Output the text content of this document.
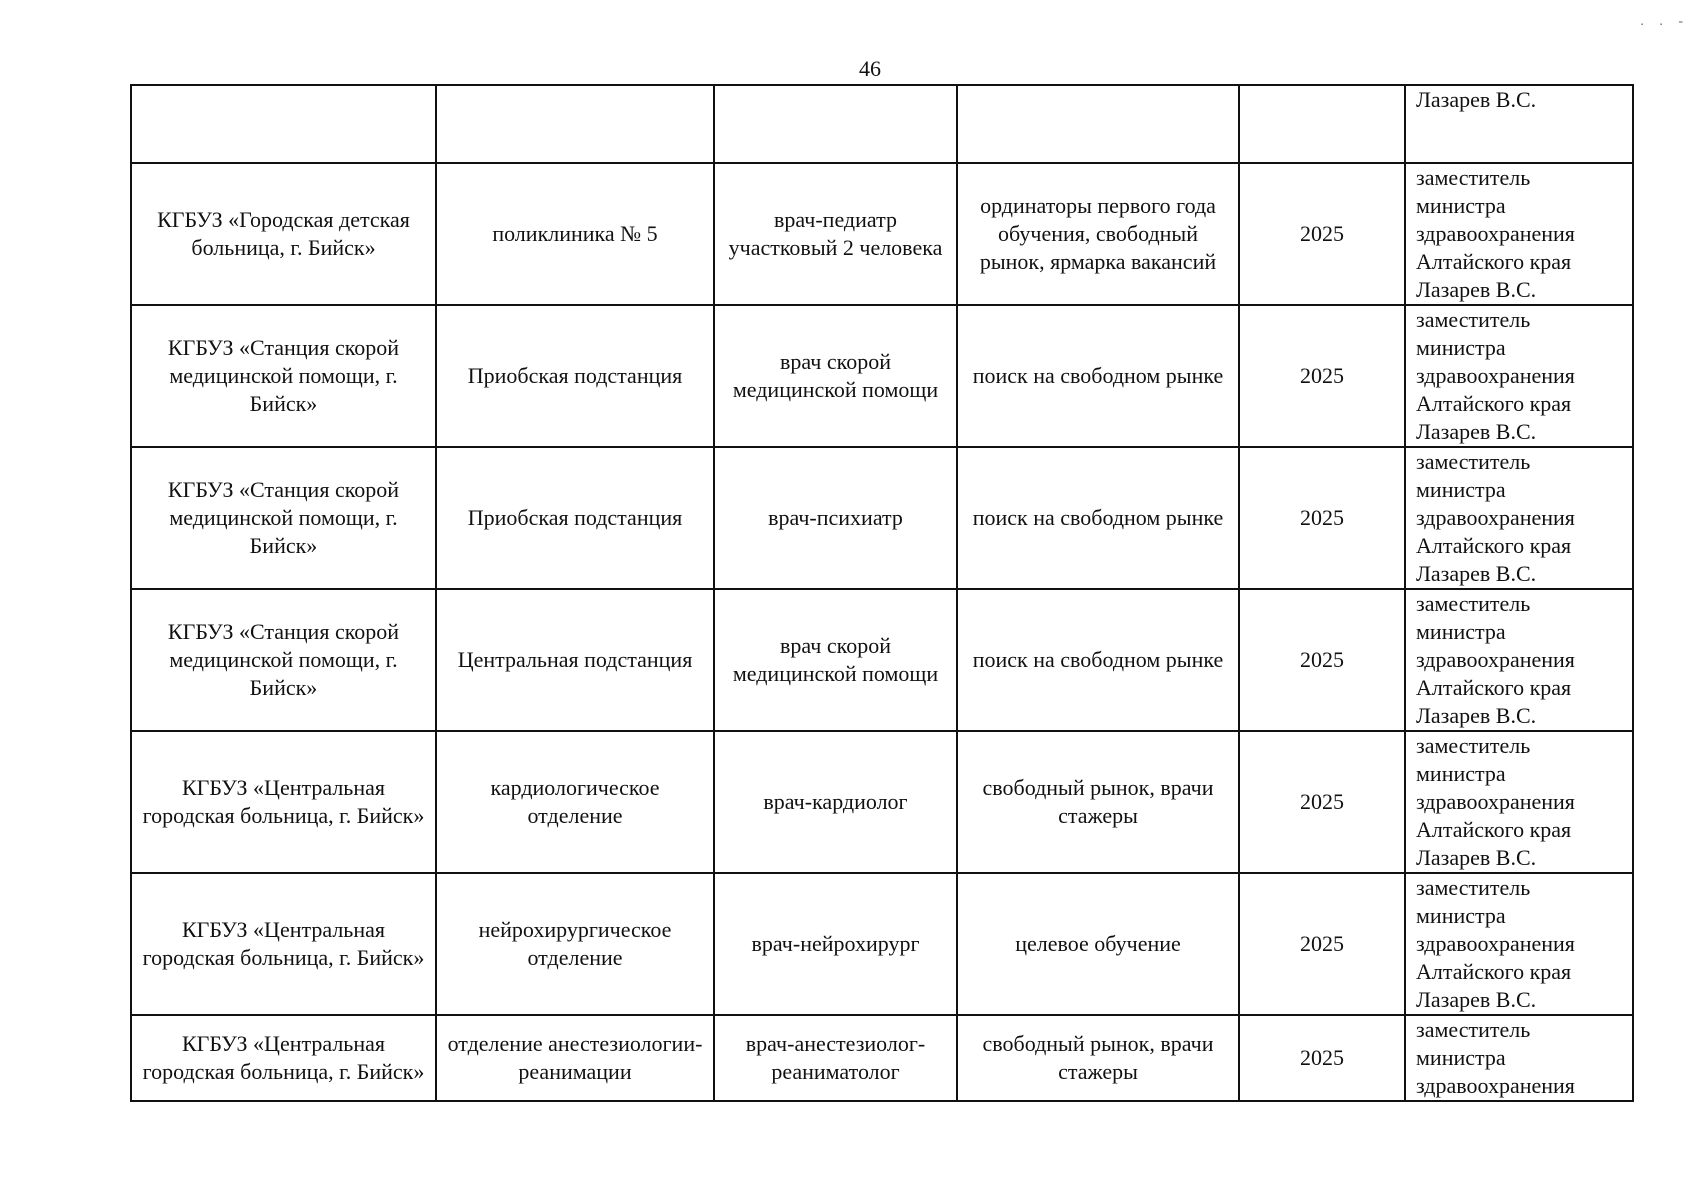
46
. . -
					Лазарев В.С.
КГБУЗ «Городская детская больница, г. Бийск»	поликлиника № 5	врач-педиатр участковый 2 человека	ординаторы первого года обучения, свободный рынок, ярмарка вакансий	2025	заместитель
министра
здравоохранения
Алтайского края
Лазарев В.С.
КГБУЗ «Станция скорой медицинской помощи, г. Бийск»	Приобская подстанция	врач скорой медицинской помощи	поиск на свободном рынке	2025	заместитель
министра
здравоохранения
Алтайского края
Лазарев В.С.
КГБУЗ «Станция скорой медицинской помощи, г. Бийск»	Приобская подстанция	врач-психиатр	поиск на свободном рынке	2025	заместитель
министра
здравоохранения
Алтайского края
Лазарев В.С.
КГБУЗ «Станция скорой медицинской помощи, г. Бийск»	Центральная подстанция	врач скорой медицинской помощи	поиск на свободном рынке	2025	заместитель
министра
здравоохранения
Алтайского края
Лазарев В.С.
КГБУЗ «Центральная городская больница, г. Бийск»	кардиологическое отделение	врач-кардиолог	свободный рынок, врачи стажеры	2025	заместитель
министра
здравоохранения
Алтайского края
Лазарев В.С.
КГБУЗ «Центральная городская больница, г. Бийск»	нейрохирургическое отделение	врач-нейрохирург	целевое обучение	2025	заместитель
министра
здравоохранения
Алтайского края
Лазарев В.С.
КГБУЗ «Центральная городская больница, г. Бийск»	отделение анестезиологии-реанимации	врач-анестезиолог-реаниматолог	свободный рынок, врачи стажеры	2025	заместитель
министра
здравоохранения
